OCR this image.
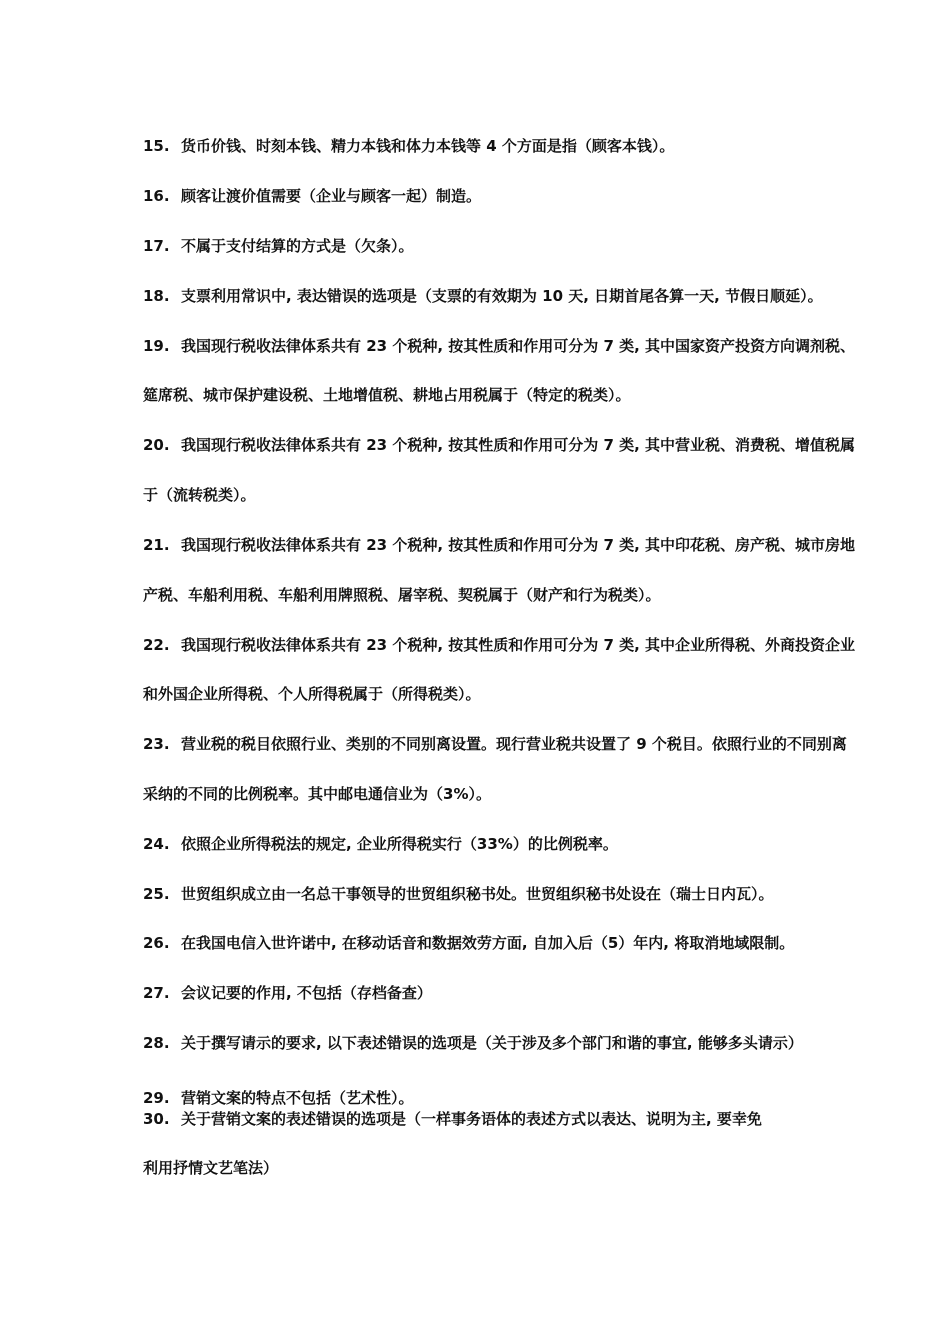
15. 货币价钱、时刻本钱、精力本钱和体力本钱等 4 个方面是指（顾客本钱）。
16. 顾客让渡价值需要（企业与顾客一起）制造。
17. 不属于支付结算的方式是（欠条）。
18. 支票利用常识中, 表达错误的选项是（支票的有效期为 10 天, 日期首尾各算一天, 节假日顺延）。
19. 我国现行税收法律体系共有 23 个税种, 按其性质和作用可分为 7 类, 其中国家资产投资方向调剂税、
筵席税、城市保护建设税、土地增值税、耕地占用税属于（特定的税类）。
20. 我国现行税收法律体系共有 23 个税种, 按其性质和作用可分为 7 类, 其中营业税、消费税、增值税属
于（流转税类）。
21. 我国现行税收法律体系共有 23 个税种, 按其性质和作用可分为 7 类, 其中印花税、房产税、城市房地
产税、车船利用税、车船利用牌照税、屠宰税、契税属于（财产和行为税类）。
22. 我国现行税收法律体系共有 23 个税种, 按其性质和作用可分为 7 类, 其中企业所得税、外商投资企业
和外国企业所得税、个人所得税属于（所得税类）。
23. 营业税的税目依照行业、类别的不同别离设置。现行营业税共设置了 9 个税目。依照行业的不同别离
采纳的不同的比例税率。其中邮电通信业为（3%）。
24. 依照企业所得税法的规定, 企业所得税实行（33%）的比例税率。
25. 世贸组织成立由一名总干事领导的世贸组织秘书处。世贸组织秘书处设在（瑞士日内瓦）。
26. 在我国电信入世许诺中, 在移动话音和数据效劳方面, 自加入后（5）年内, 将取消地域限制。
27. 会议记要的作用, 不包括（存档备查）
28. 关于撰写请示的要求, 以下表述错误的选项是（关于涉及多个部门和谐的事宜, 能够多头请示）
29. 营销文案的特点不包括（艺术性）。
30. 关于营销文案的表述错误的选项是（一样事务语体的表述方式以表达、说明为主, 要幸免
利用抒情文艺笔法）
